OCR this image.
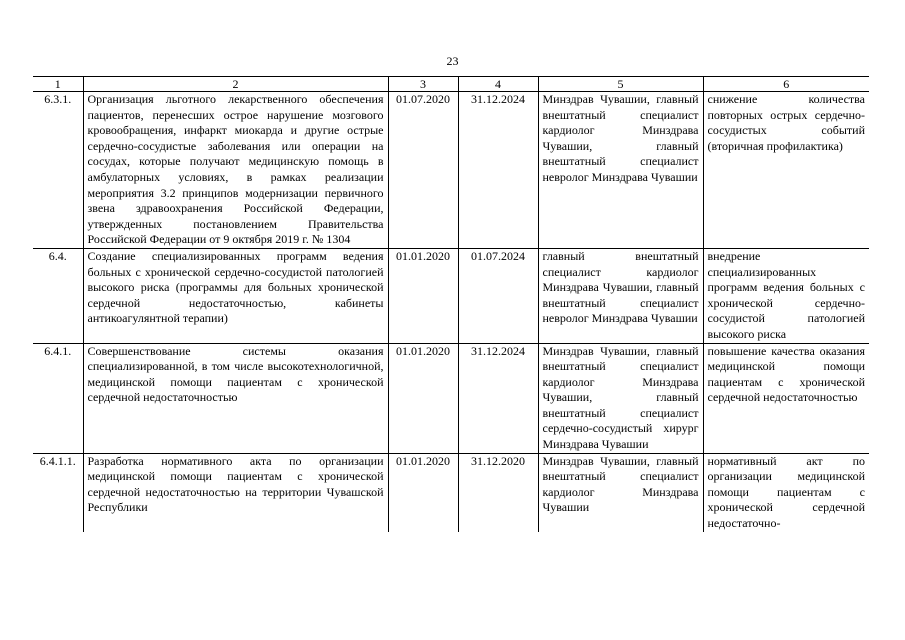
23
1	2	3	4	5	6
6.3.1.	Организация льготного лекарственного обеспечения пациентов, перенесших острое нарушение мозгового кровообращения, инфаркт миокарда и другие острые сердечно-сосудистые заболевания или операции на сосудах, которые получают медицинскую помощь в амбулаторных условиях, в рамках реализации мероприятия 3.2 принципов модернизации первичного звена здравоохранения Российской Федерации, утвержденных постановлением Правительства Российской Федерации от 9 октября 2019 г. № 1304	01.07.2020	31.12.2024	Минздрав Чувашии, главный внештатный специалист кардиолог Минздрава Чувашии, главный внештатный специалист невролог Минздрава Чувашии	снижение количества повторных острых сердечно-сосудистых событий (вторичная профилактика)
6.4.	Создание специализированных программ ведения больных с хронической сердечно-сосудистой патологией высокого риска (программы для больных хронической сердечной недостаточностью, кабинеты антикоагулянтной терапии)	01.01.2020	01.07.2024	главный внештатный специалист кардиолог Минздрава Чувашии, главный внештатный специалист невролог Минздрава Чувашии	внедрение специализированных программ ведения больных с хронической сердечно-сосудистой патологией высокого риска
6.4.1.	Совершенствование системы оказания специализированной, в том числе высокотехнологичной, медицинской помощи пациентам с хронической сердечной недостаточностью	01.01.2020	31.12.2024	Минздрав Чувашии, главный внештатный специалист кардиолог Минздрава Чувашии, главный внештатный специалист сердечно-сосудистый хирург Минздрава Чувашии	повышение качества оказания медицинской помощи пациентам с хронической сердечной недостаточностью
6.4.1.1.	Разработка нормативного акта по организации медицинской помощи пациентам с хронической сердечной недостаточностью на территории Чувашской Республики	01.01.2020	31.12.2020	Минздрав Чувашии, главный внештатный специалист кардиолог Минздрава Чувашии	нормативный акт по организации медицинской помощи пациентам с хронической сердечной недостаточно-
